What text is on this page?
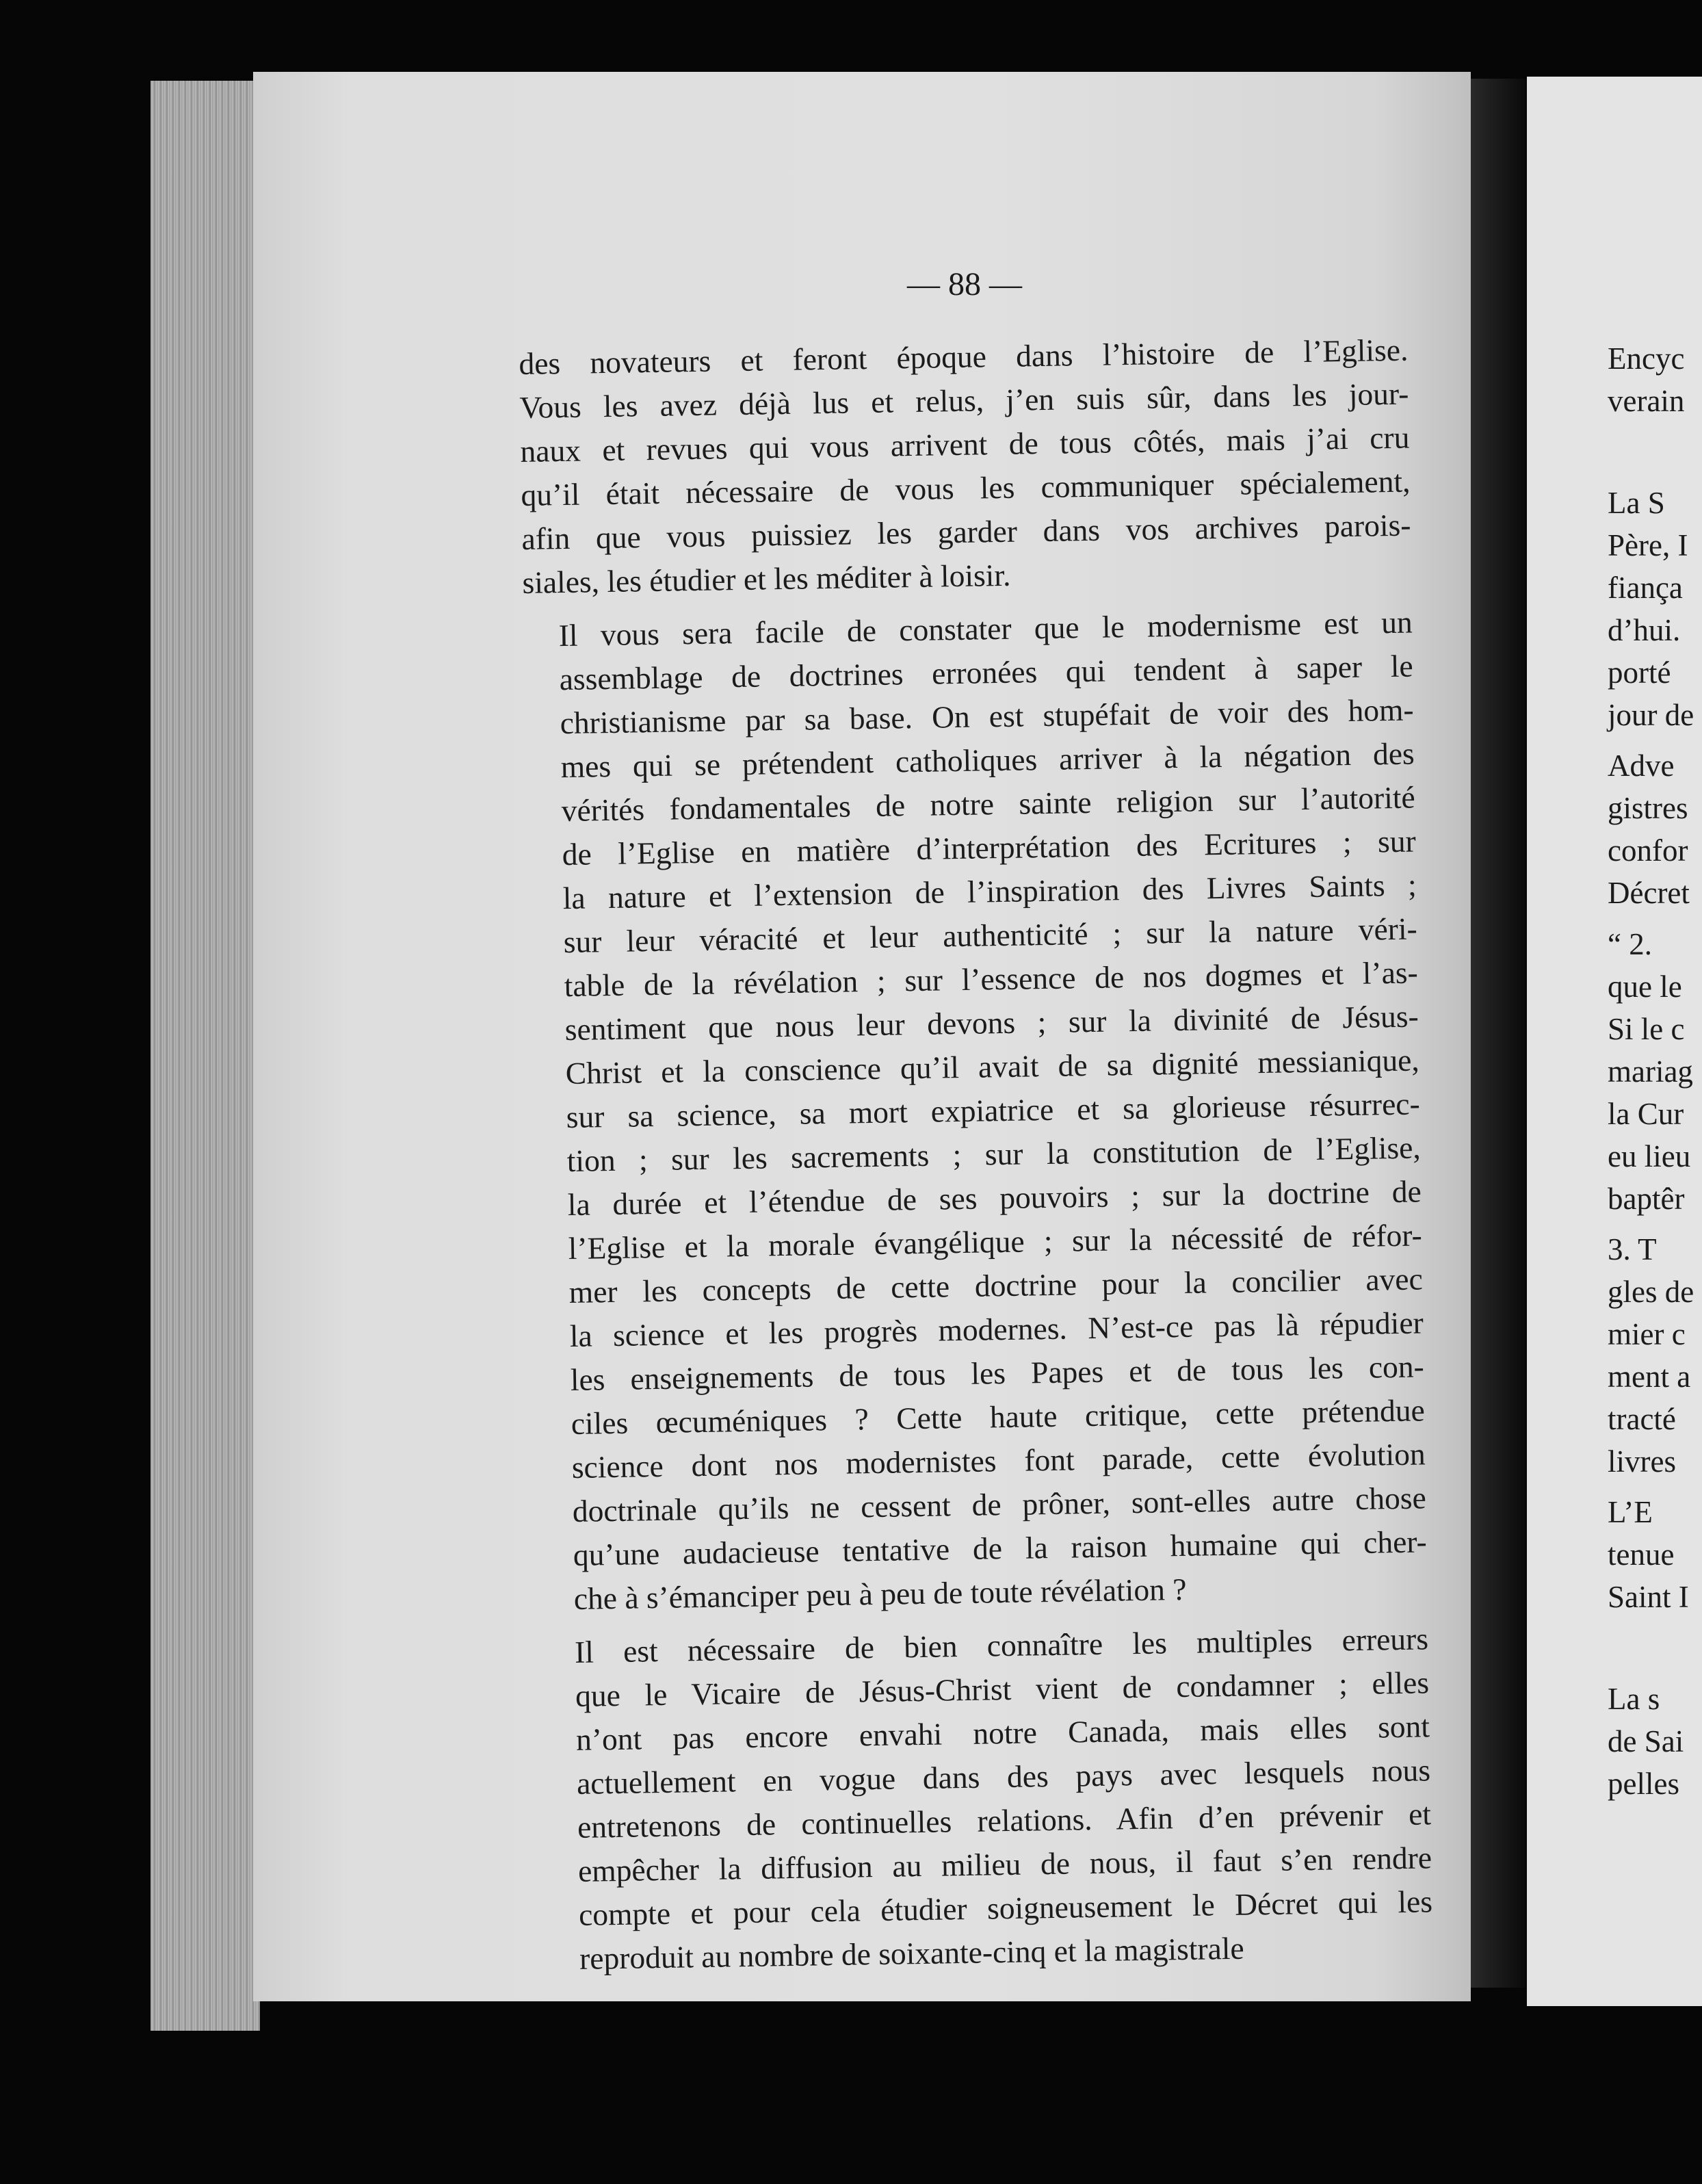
— 88 —

des novateurs et feront époque dans l’histoire de l’Eglise.
Vous les avez déjà lus et relus, j’en suis sûr, dans les jour-
naux et revues qui vous arrivent de tous côtés, mais j’ai cru
qu’il était nécessaire de vous les communiquer spécialement,
afin que vous puissiez les garder dans vos archives parois-
siales, les étudier et les méditer à loisir.

Il vous sera facile de constater que le modernisme est un
assemblage de doctrines erronées qui tendent à saper le
christianisme par sa base. On est stupéfait de voir des hom-
mes qui se prétendent catholiques arriver à la négation des
vérités fondamentales de notre sainte religion sur l’autorité
de l’Eglise en matière d’interprétation des Ecritures ; sur
la nature et l’extension de l’inspiration des Livres Saints ;
sur leur véracité et leur authenticité ; sur la nature véri-
table de la révélation ; sur l’essence de nos dogmes et l’as-
sentiment que nous leur devons ; sur la divinité de Jésus-
Christ et la conscience qu’il avait de sa dignité messianique,
sur sa science, sa mort expiatrice et sa glorieuse résurrec-
tion ; sur les sacrements ; sur la constitution de l’Eglise,
la durée et l’étendue de ses pouvoirs ; sur la doctrine de
l’Eglise et la morale évangélique ; sur la nécessité de réfor-
mer les concepts de cette doctrine pour la concilier avec
la science et les progrès modernes. N’est-ce pas là répudier
les enseignements de tous les Papes et de tous les con-
ciles œcuméniques ? Cette haute critique, cette prétendue
science dont nos modernistes font parade, cette évolution
doctrinale qu’ils ne cessent de prôner, sont-elles autre chose
qu’une audacieuse tentative de la raison humaine qui cher-
che à s’émanciper peu à peu de toute révélation ?

Il est nécessaire de bien connaître les multiples erreurs
que le Vicaire de Jésus-Christ vient de condamner ; elles
n’ont pas encore envahi notre Canada, mais elles sont
actuellement en vogue dans des pays avec lesquels nous
entretenons de continuelles relations. Afin d’en prévenir et
empêcher la diffusion au milieu de nous, il faut s’en rendre
compte et pour cela étudier soigneusement le Décret qui les
reproduit au nombre de soixante-cinq et la magistrale

Encyc
verain
La S
Père, I
fiança
d’hui.
porté
jour de
Adve
gistres
confor
Décret
“ 2.
que le
Si le c
mariag
la Cur
eu lieu
baptêr
3. T
gles de
mier c
ment a
tracté
livres
L’E
tenue
Saint I
La s
de Sai
pelles
